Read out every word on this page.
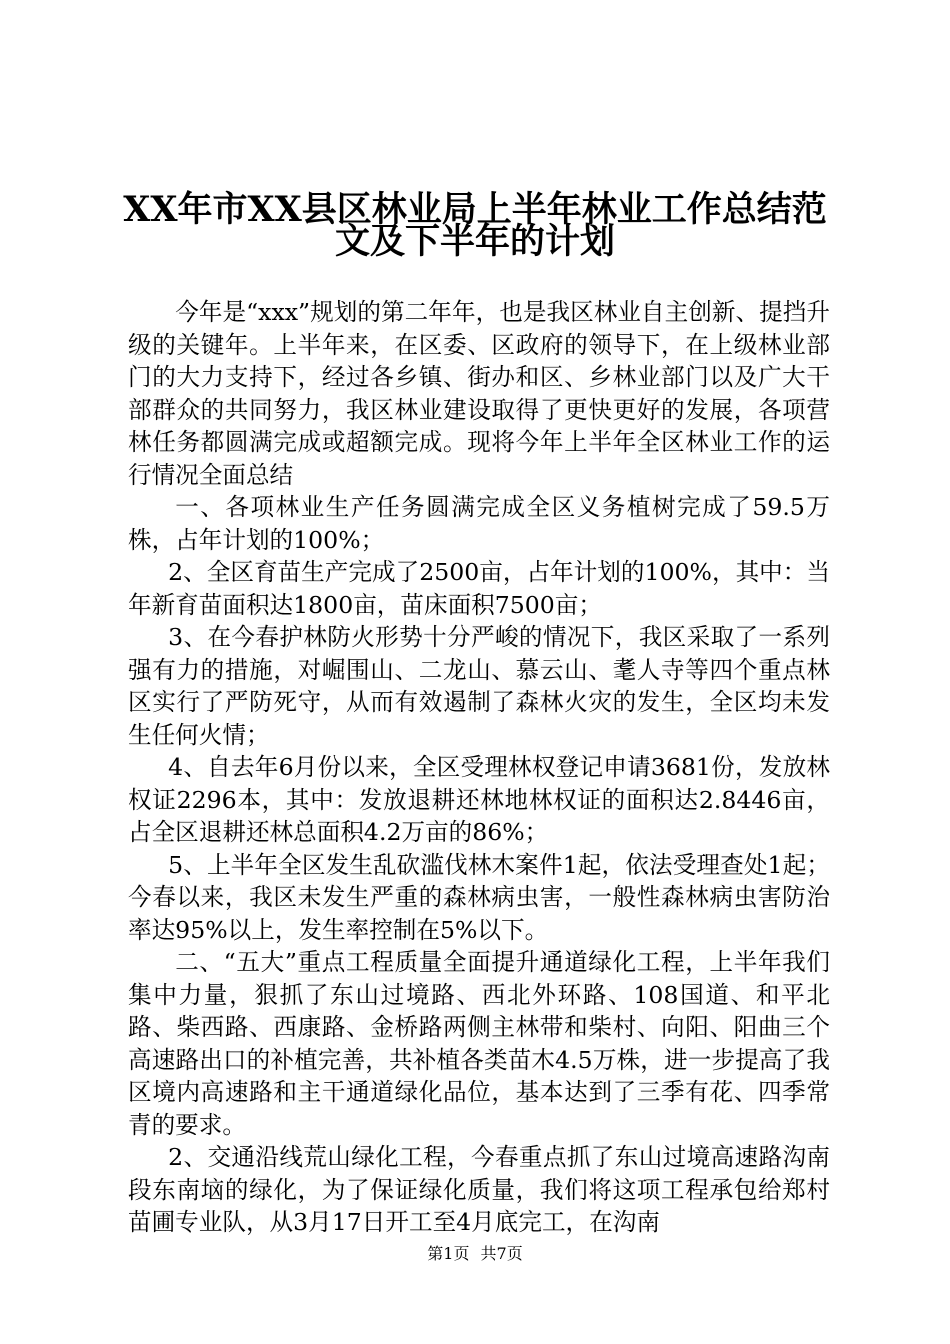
XX年市XX县区林业局上半年林业工作总结范
文及下半年的计划

今年是“xxx”规划的第二年年，也是我区林业自主创新、提挡升级的关键年。上半年来，在区委、区政府的领导下，在上级林业部门的大力支持下，经过各乡镇、街办和区、乡林业部门以及广大干部群众的共同努力，我区林业建设取得了更快更好的发展，各项营林任务都圆满完成或超额完成。现将今年上半年全区林业工作的运行情况全面总结

一、各项林业生产任务圆满完成全区义务植树完成了59.5万株，占年计划的100%；

2、全区育苗生产完成了2500亩，占年计划的100%，其中：当年新育苗面积达1800亩，苗床面积7500亩；

3、在今春护林防火形势十分严峻的情况下，我区采取了一系列强有力的措施，对崛围山、二龙山、慕云山、耄人寺等四个重点林区实行了严防死守，从而有效遏制了森林火灾的发生，全区均未发生任何火情；

4、自去年6月份以来，全区受理林权登记申请3681份，发放林权证2296本，其中：发放退耕还林地林权证的面积达2.8446亩，占全区退耕还林总面积4.2万亩的86%；

5、上半年全区发生乱砍滥伐林木案件1起，依法受理查处1起；今春以来，我区未发生严重的森林病虫害，一般性森林病虫害防治率达95%以上，发生率控制在5%以下。

二、“五大”重点工程质量全面提升通道绿化工程，上半年我们集中力量，狠抓了东山过境路、西北外环路、108国道、和平北路、柴西路、西康路、金桥路两侧主林带和柴村、向阳、阳曲三个高速路出口的补植完善，共补植各类苗木4.5万株，进一步提高了我区境内高速路和主干通道绿化品位，基本达到了三季有花、四季常青的要求。

2、交通沿线荒山绿化工程，今春重点抓了东山过境高速路沟南段东南垴的绿化，为了保证绿化质量，我们将这项工程承包给郑村苗圃专业队，从3月17日开工至4月底完工，在沟南

第1页 共7页
